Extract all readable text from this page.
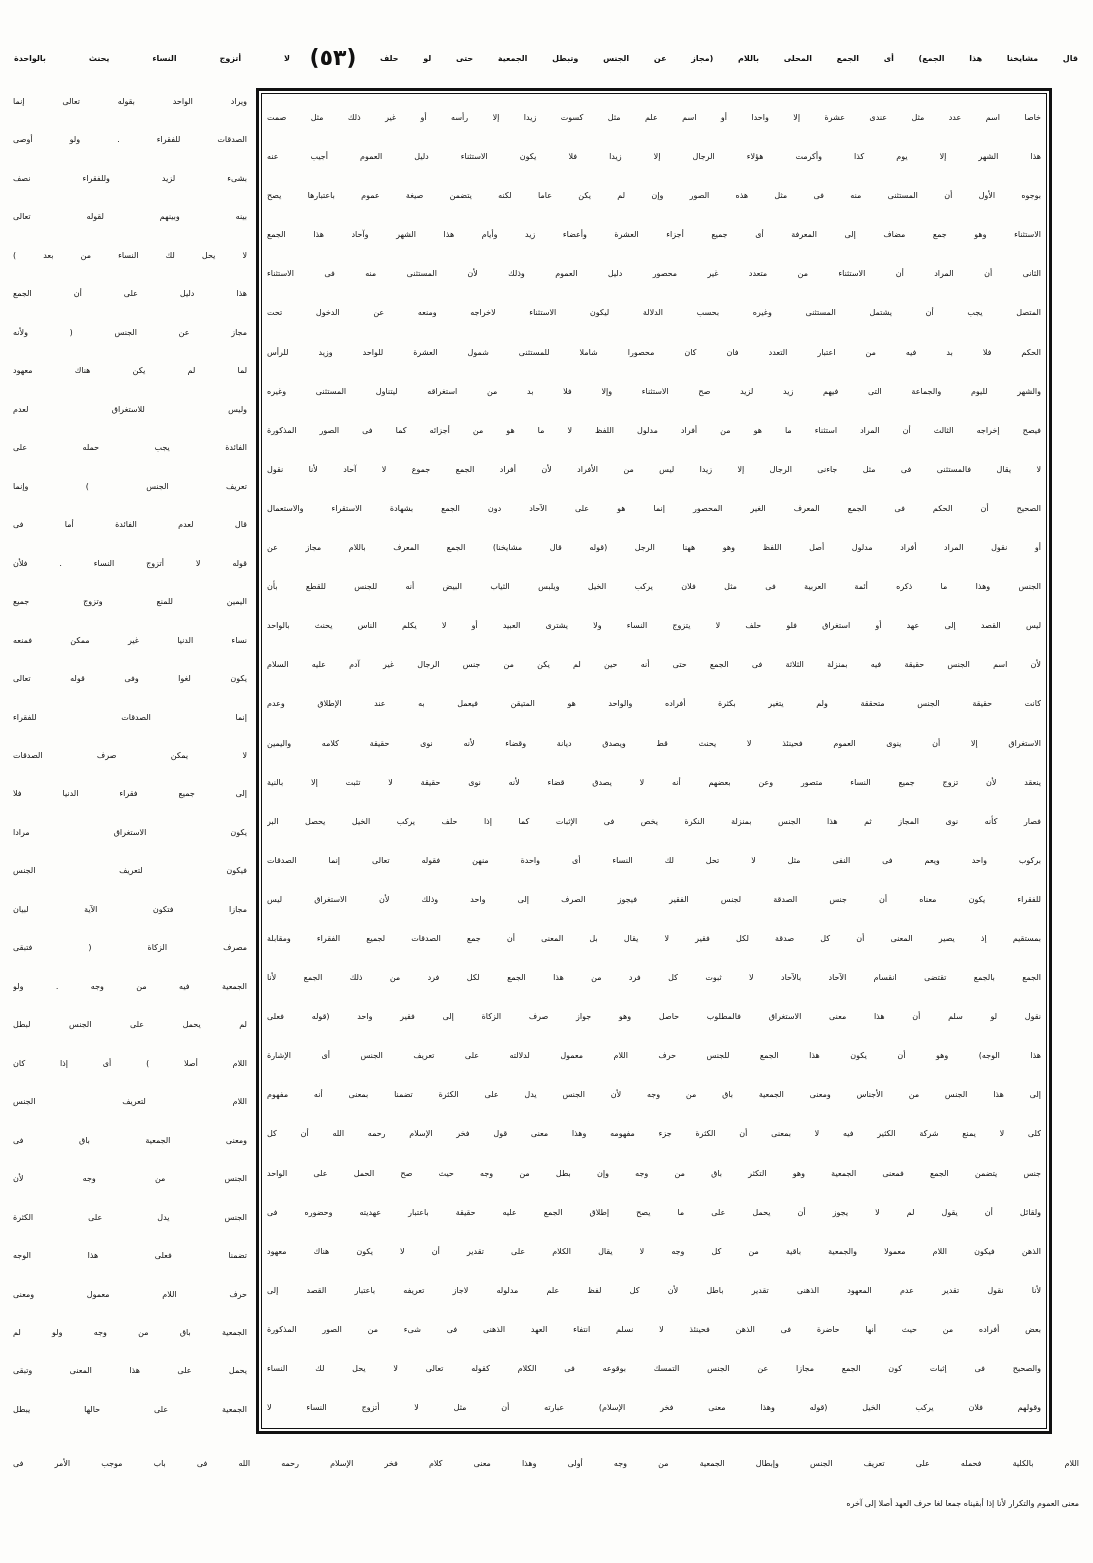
قال مشايخنا هذا الجمع) أى الجمع المحلى باللام (مجاز عن الجنس وتبطل الجمعية حتى لو حلف
(٥٣)
لا أتزوج النساء يحنث بالواحدة
خاصا اسم عدد مثل عندى عشرة إلا واحدا أو اسم علم مثل كسوت زيدا إلا رأسه أو غير ذلك مثل صمت
هذا الشهر إلا يوم كذا وأكرمت هؤلاء الرجال إلا زيدا فلا يكون الاستثناء دليل العموم أجيب عنه
بوجوه الأول أن المستثنى منه فى مثل هذه الصور وإن لم يكن عاما لكنه يتضمن صيغة عموم باعتبارها يصح
الاستثناء وهو جمع مضاف إلى المعرفة أى جميع أجزاء العشرة وأعضاء زيد وأيام هذا الشهر وآحاد هذا الجمع
الثانى أن المراد أن الاستثناء من متعدد غير محصور دليل العموم وذلك لأن المستثنى منه فى الاستثناء
المتصل يجب أن يشتمل المستثنى وغيره بحسب الدلالة ليكون الاستثناء لاخراجه ومنعه عن الدخول تحت
الحكم فلا بد فيه من اعتبار التعدد فان كان محصورا شاملا للمستثنى شمول العشرة للواحد وزيد للرأس
والشهر لليوم والجماعة التى فيهم زيد لزيد صح الاستثناء وإلا فلا بد من استغراقه ليتناول المستثنى وغيره
فيصح إخراجه الثالث أن المراد استثناء ما هو من أفراد مدلول اللفظ لا ما هو من أجزائه كما فى الصور المذكورة
لا يقال فالمستثنى فى مثل جاءنى الرجال إلا زيدا ليس من الأفراد لأن أفراد الجمع جموع لا آحاد لأنا نقول
الصحيح أن الحكم فى الجمع المعرف الغير المحصور إنما هو على الآحاد دون الجمع بشهادة الاستقراء والاستعمال
أو نقول المراد أفراد مدلول أصل اللفظ وهو ههنا الرجل (قوله قال مشايخنا) الجمع المعرف باللام مجاز عن
الجنس وهذا ما ذكره أئمة العربية فى مثل فلان يركب الخيل ويلبس الثياب البيض أنه للجنس للقطع بأن
ليس القصد إلى عهد أو استغراق فلو حلف لا يتزوج النساء ولا يشترى العبيد أو لا يكلم الناس يحنث بالواحد
لأن اسم الجنس حقيقة فيه بمنزلة الثلاثة فى الجمع حتى أنه حين لم يكن من جنس الرجال غير آدم عليه السلام
كانت حقيقة الجنس متحققة ولم يتغير بكثرة أفراده والواحد هو المتيقن فيعمل به عند الإطلاق وعدم
الاستغراق إلا أن ينوى العموم فحينئذ لا يحنث قط ويصدق ديانة وقضاء لأنه نوى حقيقة كلامه واليمين
ينعقد لأن تزوج جميع النساء متصور وعن بعضهم أنه لا يصدق قضاء لأنه نوى حقيقة لا تثبت إلا بالنية
فصار كأنه نوى المجاز ثم هذا الجنس بمنزلة النكرة يخص فى الإثبات كما إذا حلف يركب الخيل يحصل البر
بركوب واحد ويعم فى النفى مثل لا تحل لك النساء أى واحدة منهن فقوله تعالى إنما الصدقات
للفقراء يكون معناه أن جنس الصدقة لجنس الفقير فيجوز الصرف إلى واحد وذلك لأن الاستغراق ليس
بمستقيم إذ يصير المعنى أن كل صدقة لكل فقير لا يقال بل المعنى أن جمع الصدقات لجميع الفقراء ومقابلة
الجمع بالجمع تقتضى انقسام الآحاد بالآحاد لا ثبوت كل فرد من هذا الجمع لكل فرد من ذلك الجمع لأنا
نقول لو سلم أن هذا معنى الاستغراق فالمطلوب حاصل وهو جواز صرف الزكاة إلى فقير واحد (قوله فعلى
هذا الوجه) وهو أن يكون هذا الجمع للجنس حرف اللام معمول لدلالته على تعريف الجنس أى الإشارة
إلى هذا الجنس من الأجناس ومعنى الجمعية باق من وجه لأن الجنس يدل على الكثرة تضمنا بمعنى أنه مفهوم
كلى لا يمنع شركة الكثير فيه لا بمعنى أن الكثرة جزء مفهومه وهذا معنى قول فخر الإسلام رحمه الله أن كل
جنس يتضمن الجمع فمعنى الجمعية وهو التكثر باق من وجه وإن بطل من وجه حيث صح الحمل على الواحد
ولقائل أن يقول لم لا يجوز أن يحمل على ما يصح إطلاق الجمع عليه حقيقة باعتبار عهديته وحضوره فى
الذهن فيكون اللام معمولا والجمعية باقية من كل وجه لا يقال الكلام على تقدير أن لا يكون هناك معهود
لأنا نقول تقدير عدم المعهود الذهنى تقدير باطل لأن كل لفظ علم مدلوله لاجاز تعريفه باعتبار القصد إلى
بعض أفراده من حيث أنها حاضرة فى الذهن فحينئذ لا نسلم انتفاء العهد الذهنى فى شىء من الصور المذكورة
والصحيح فى إثبات كون الجمع مجازا عن الجنس التمسك بوقوعه فى الكلام كقوله تعالى لا يحل لك النساء
وقولهم فلان يركب الخيل (قوله وهذا معنى فخر الإسلام) عبارته أن مثل لا أتزوج النساء لا
ويراد الواحد بقوله تعالى إنما
الصدقات للفقراء . ولو أوصى
بشىء لزيد وللفقراء نصف
بينه وبينهم لقوله تعالى
لا يحل لك النساء من بعد )
هذا دليل على أن الجمع
مجاز عن الجنس ( ولأنه
لما لم يكن هناك معهود
وليس للاستغراق لعدم
الفائدة يجب حمله على
تعريف الجنس ) وإنما
قال لعدم الفائدة أما فى
قوله لا أتزوج النساء . فلأن
اليمين للمنع وتزوج جميع
نساء الدنيا غير ممكن فمنعه
يكون لغوا وفى قوله تعالى
إنما الصدقات للفقراء
لا يمكن صرف الصدقات
إلى جميع فقراء الدنيا فلا
يكون الاستغراق مرادا
فيكون لتعريف الجنس
مجازا فتكون الآية لبيان
مصرف الزكاة ( فتبقى
الجمعية فيه من وجه . ولو
لم يحمل على الجنس لبطل
اللام أصلا ) أى إذا كان
اللام لتعريف الجنس
ومعنى الجمعية باق فى
الجنس من وجه لأن
الجنس يدل على الكثرة
تضمنا فعلى هذا الوجه
حرف اللام معمول ومعنى
الجمعية باق من وجه ولو لم
يحمل على هذا المعنى وتبقى
الجمعية على حالها يبطل
اللام بالكلية فحمله على تعريف الجنس وإبطال الجمعية من وجه أولى وهذا معنى كلام فخر الإسلام رحمه الله فى باب موجب الأمر فى
معنى العموم والتكرار لأنا إذا أبقيناه جمعا لغا حرف العهد أصلا إلى آخره
